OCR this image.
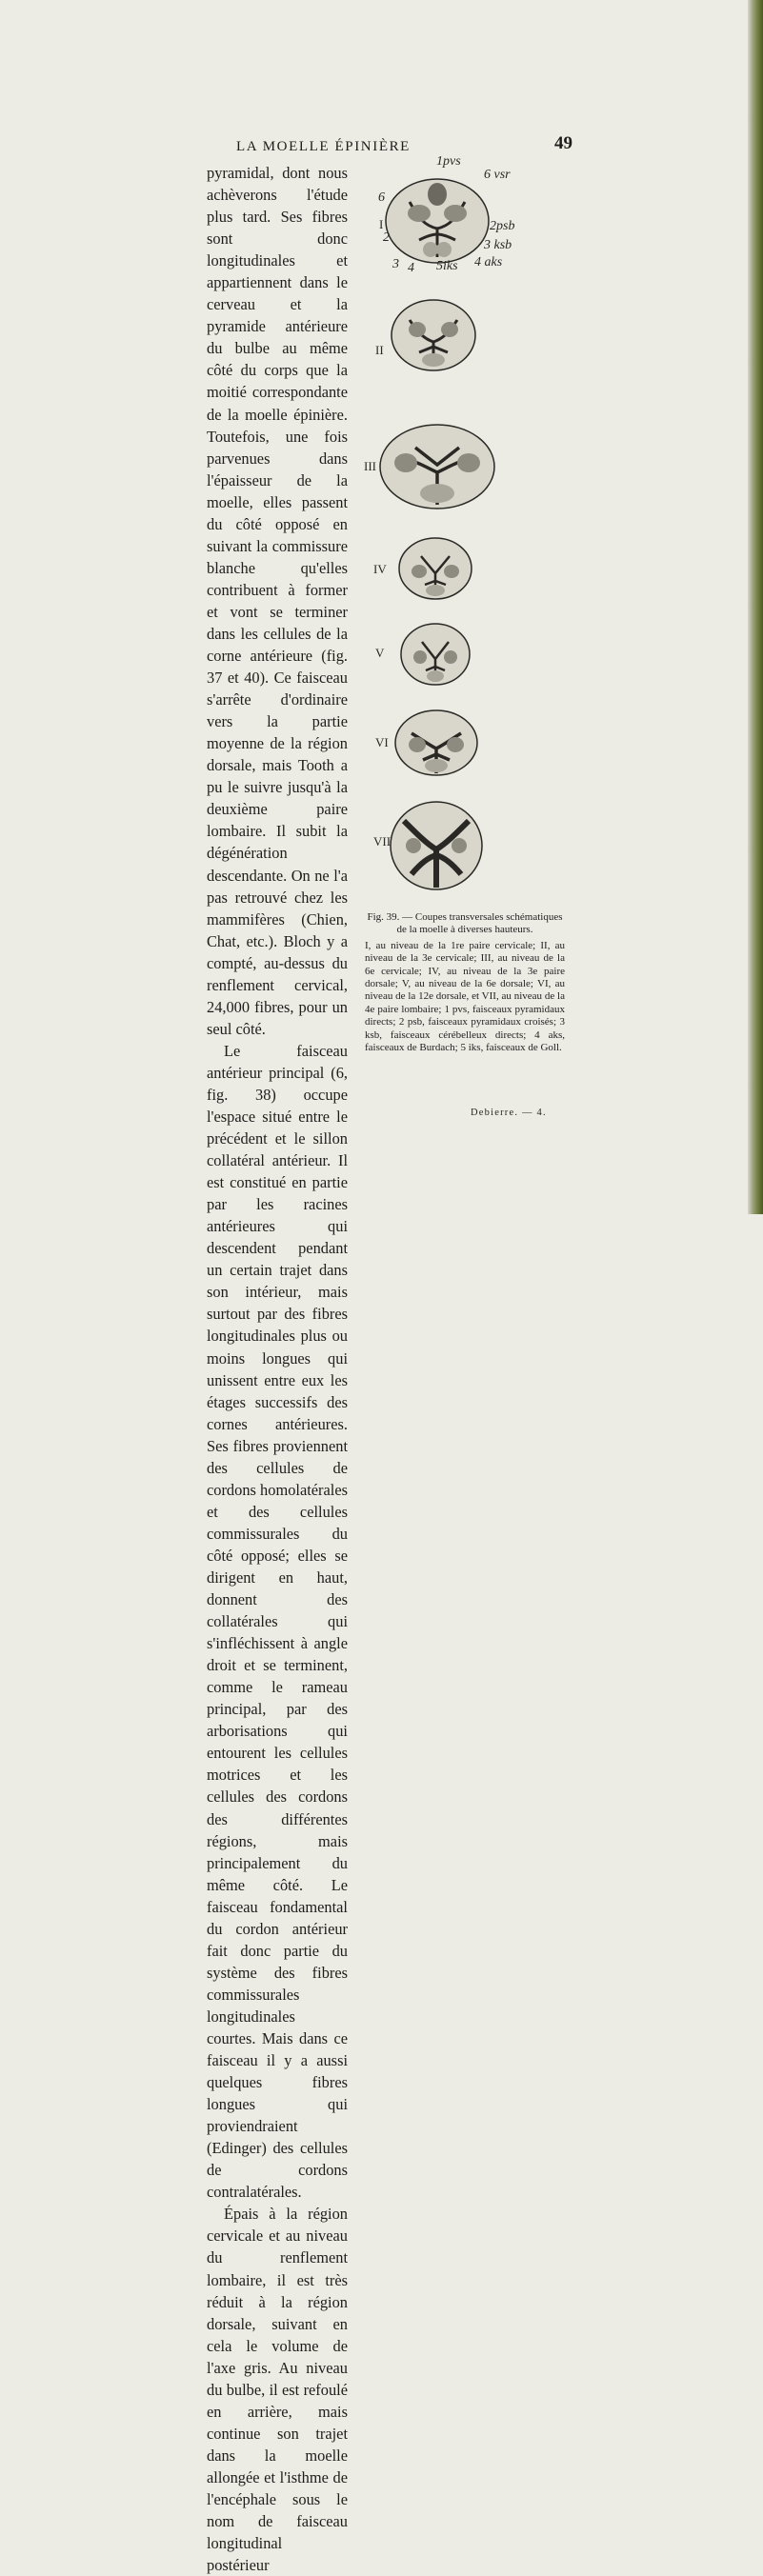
LA MOELLE ÉPINIÈRE	49

pyramidal, dont nous achèverons l'étude plus tard. Ses fibres sont donc longitudinales et appartiennent dans le cerveau et la pyramide antérieure du bulbe au même côté du corps que la moitié correspondante de la moelle épinière. Toutefois, une fois parvenues dans l'épaisseur de la moelle, elles passent du côté opposé en suivant la commissure blanche qu'elles contribuent à former et vont se terminer dans les cellules de la corne antérieure (fig. 37 et 40). Ce faisceau s'arrête d'ordinaire vers la partie moyenne de la région dorsale, mais Tooth a pu le suivre jusqu'à la deuxième paire lombaire. Il subit la dégénération descendante. On ne l'a pas retrouvé chez les mammifères (Chien, Chat, etc.). Bloch y a compté, au-dessus du renflement cervical, 24,000 fibres, pour un seul côté.

Le faisceau antérieur principal (6, fig. 38) occupe l'espace situé entre le précédent et le sillon collatéral antérieur. Il est constitué en partie par les racines antérieures qui descendent pendant un certain trajet dans son intérieur, mais surtout par des fibres longitudinales plus ou moins longues qui unissent entre eux les étages successifs des cornes antérieures. Ses fibres proviennent des cellules de cordons homolatérales et des cellules commissurales du côté opposé; elles se dirigent en haut, donnent des collatérales qui s'infléchissent à angle droit et se terminent, comme le rameau principal, par des arborisations qui entourent les cellules motrices et les cellules des cordons des différentes régions, mais principalement du même côté. Le faisceau fondamental du cordon antérieur fait donc partie du système des fibres commissurales longitudinales courtes. Mais dans ce faisceau il y a aussi quelques fibres longues qui proviendraient (Edinger) des cellules de cordons contralatérales.

Épais à la région cervicale et au niveau du renflement lombaire, il est très réduit à la région dorsale, suivant en cela le volume de l'axe gris. Au niveau du bulbe, il est refoulé en arrière, mais continue son trajet dans la moelle allongée et l'isthme de l'encéphale sous le nom de faisceau longitudinal postérieur

1pvs
6 vsr
6
2psb
3 ksb
4 aks
5iks
3 4
2
I
II
III
IV
V
VI
VII

Fig. 39. — Coupes transversales schématiques de la moelle à diverses hauteurs.

I, au niveau de la 1re paire cervicale; II, au niveau de la 3e cervicale; III, au niveau de la 6e cervicale; IV, au niveau de la 3e paire dorsale; V, au niveau de la 6e dorsale; VI, au niveau de la 12e dorsale, et VII, au niveau de la 4e paire lombaire; 1 pvs, faisceaux pyramidaux directs; 2 psb, faisceaux pyramidaux croisés; 3 ksb, faisceaux cérébelleux directs; 4 aks, faisceaux de Burdach; 5 iks, faisceaux de Goll.

Debierre. — 4.
